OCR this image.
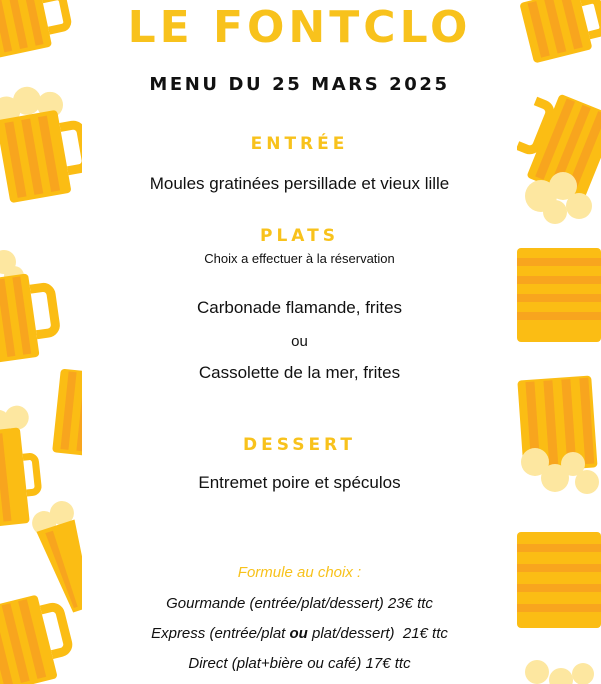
LE FONTCLO
MENU DU 25 MARS 2025
ENTRÉE
Moules gratinées persillade et vieux lille
PLATS
Choix a effectuer à la réservation
Carbonade flamande, frites
ou
Cassolette de la mer, frites
DESSERT
Entremet poire et spéculos
Formule au choix :
Gourmande (entrée/plat/dessert) 23€ ttc
Express (entrée/plat ou plat/dessert)  21€ ttc
Direct (plat+bière ou café) 17€ ttc
